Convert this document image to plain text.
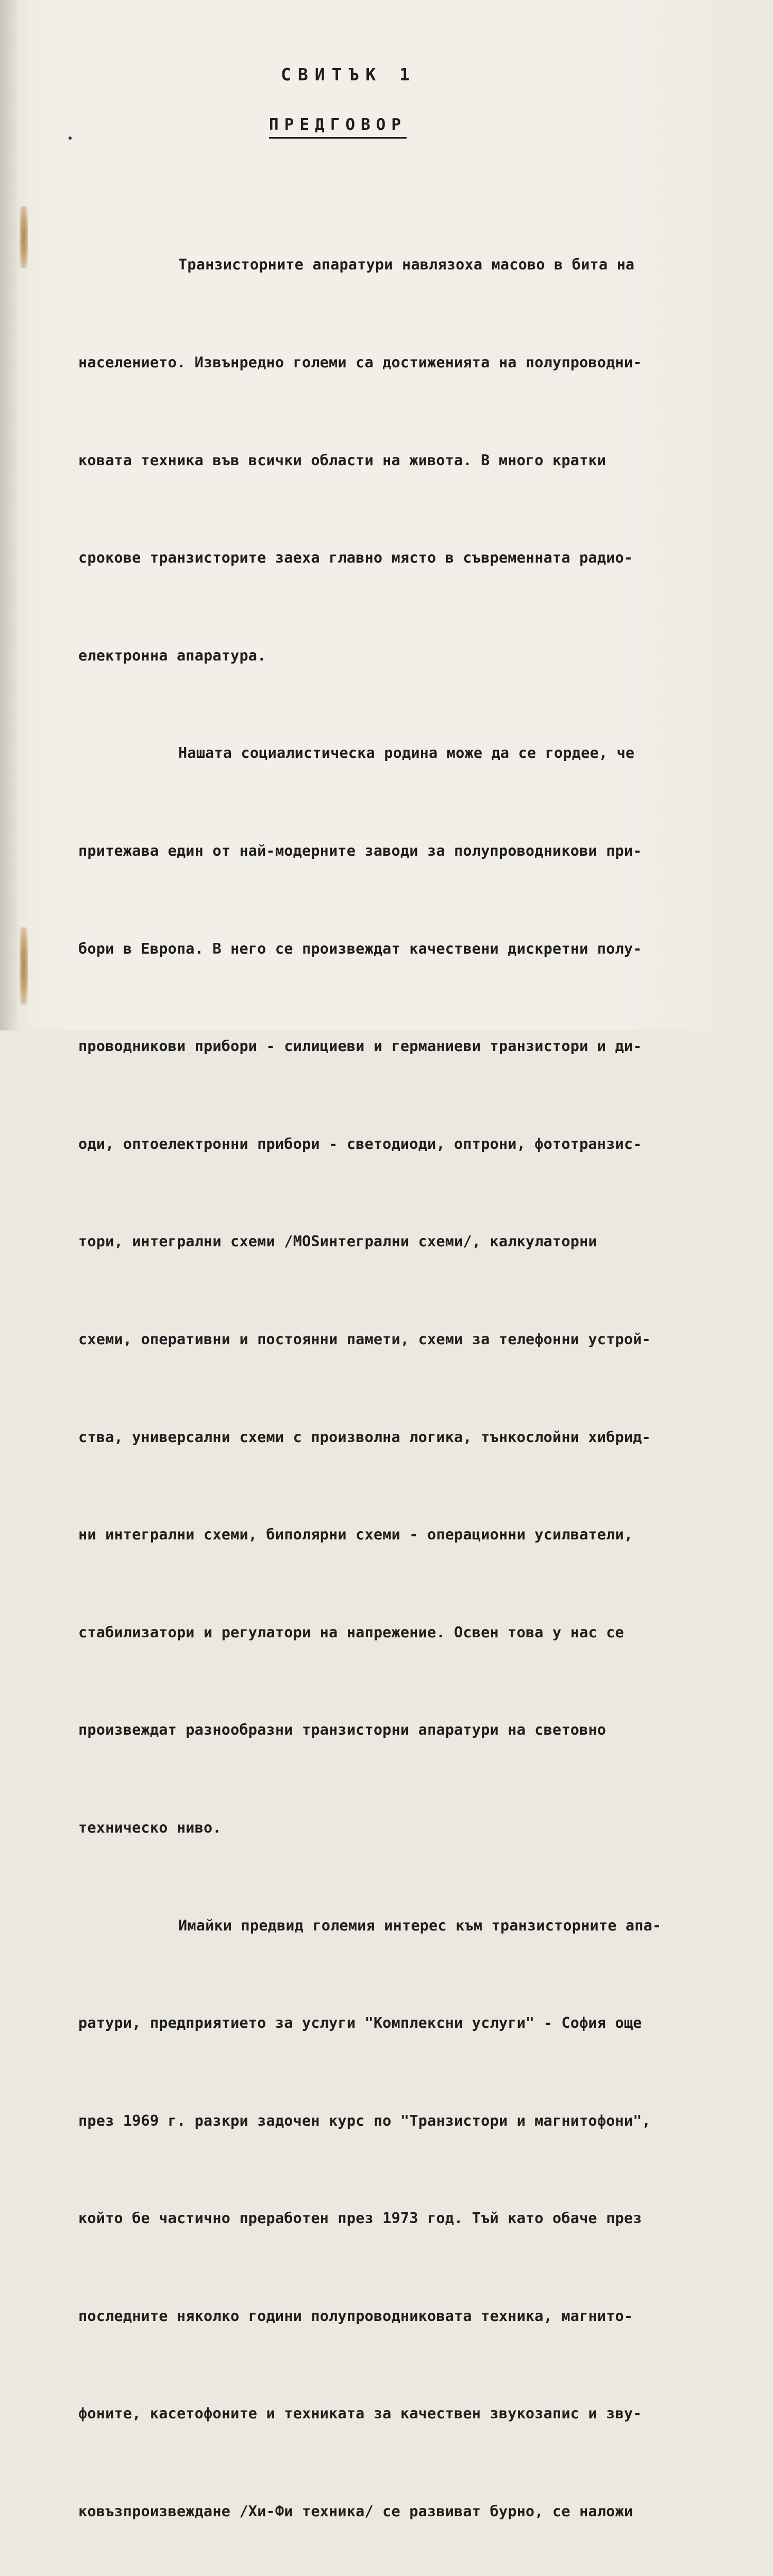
СВИТЪК 1
ПРЕДГОВОР

Транзисторните апаратури навлязоха масово в бита на

населението. Извънредно големи са достиженията на полупроводни-

ковата техника във всички области на живота. В много кратки

срокове транзисторите заеха главно място в съвременната радио-

електронна апаратура.

Нашата социалистическа родина може да се гордее, че

притежава един от най-модерните заводи за полупроводникови при-

бори в Европа. В него се произвеждат качествени дискретни полу-

проводникови прибори - силициеви и германиеви транзистори и ди-

оди, оптоелектронни прибори - светодиоди, оптрони, фототранзис-

тори, интегрални схеми /MOSинтегрални схеми/, калкулаторни

схеми, оперативни и постоянни памети, схеми за телефонни устрой-

ства, универсални схеми с произволна логика, тънкослойни хибрид-

ни интегрални схеми, биполярни схеми - операционни усилватели,

стабилизатори и регулатори на напрежение. Освен това у нас се

произвеждат разнообразни транзисторни апаратури на световно

техническо ниво.

Имайки предвид големия интерес към транзисторните апа-

ратури, предприятието за услуги "Комплексни услуги" - София още

през 1969 г. разкри задочен курс по "Транзистори и магнитофони",

който бе частично преработен през 1973 год. Тъй като обаче през

последните няколко години полупроводниковата техника, магнито-

фоните, касетофоните и техниката за качествен звукозапис и зву-

ковъзпроизвеждане /Хи-Фи техника/ се развиват бурно, се наложи
